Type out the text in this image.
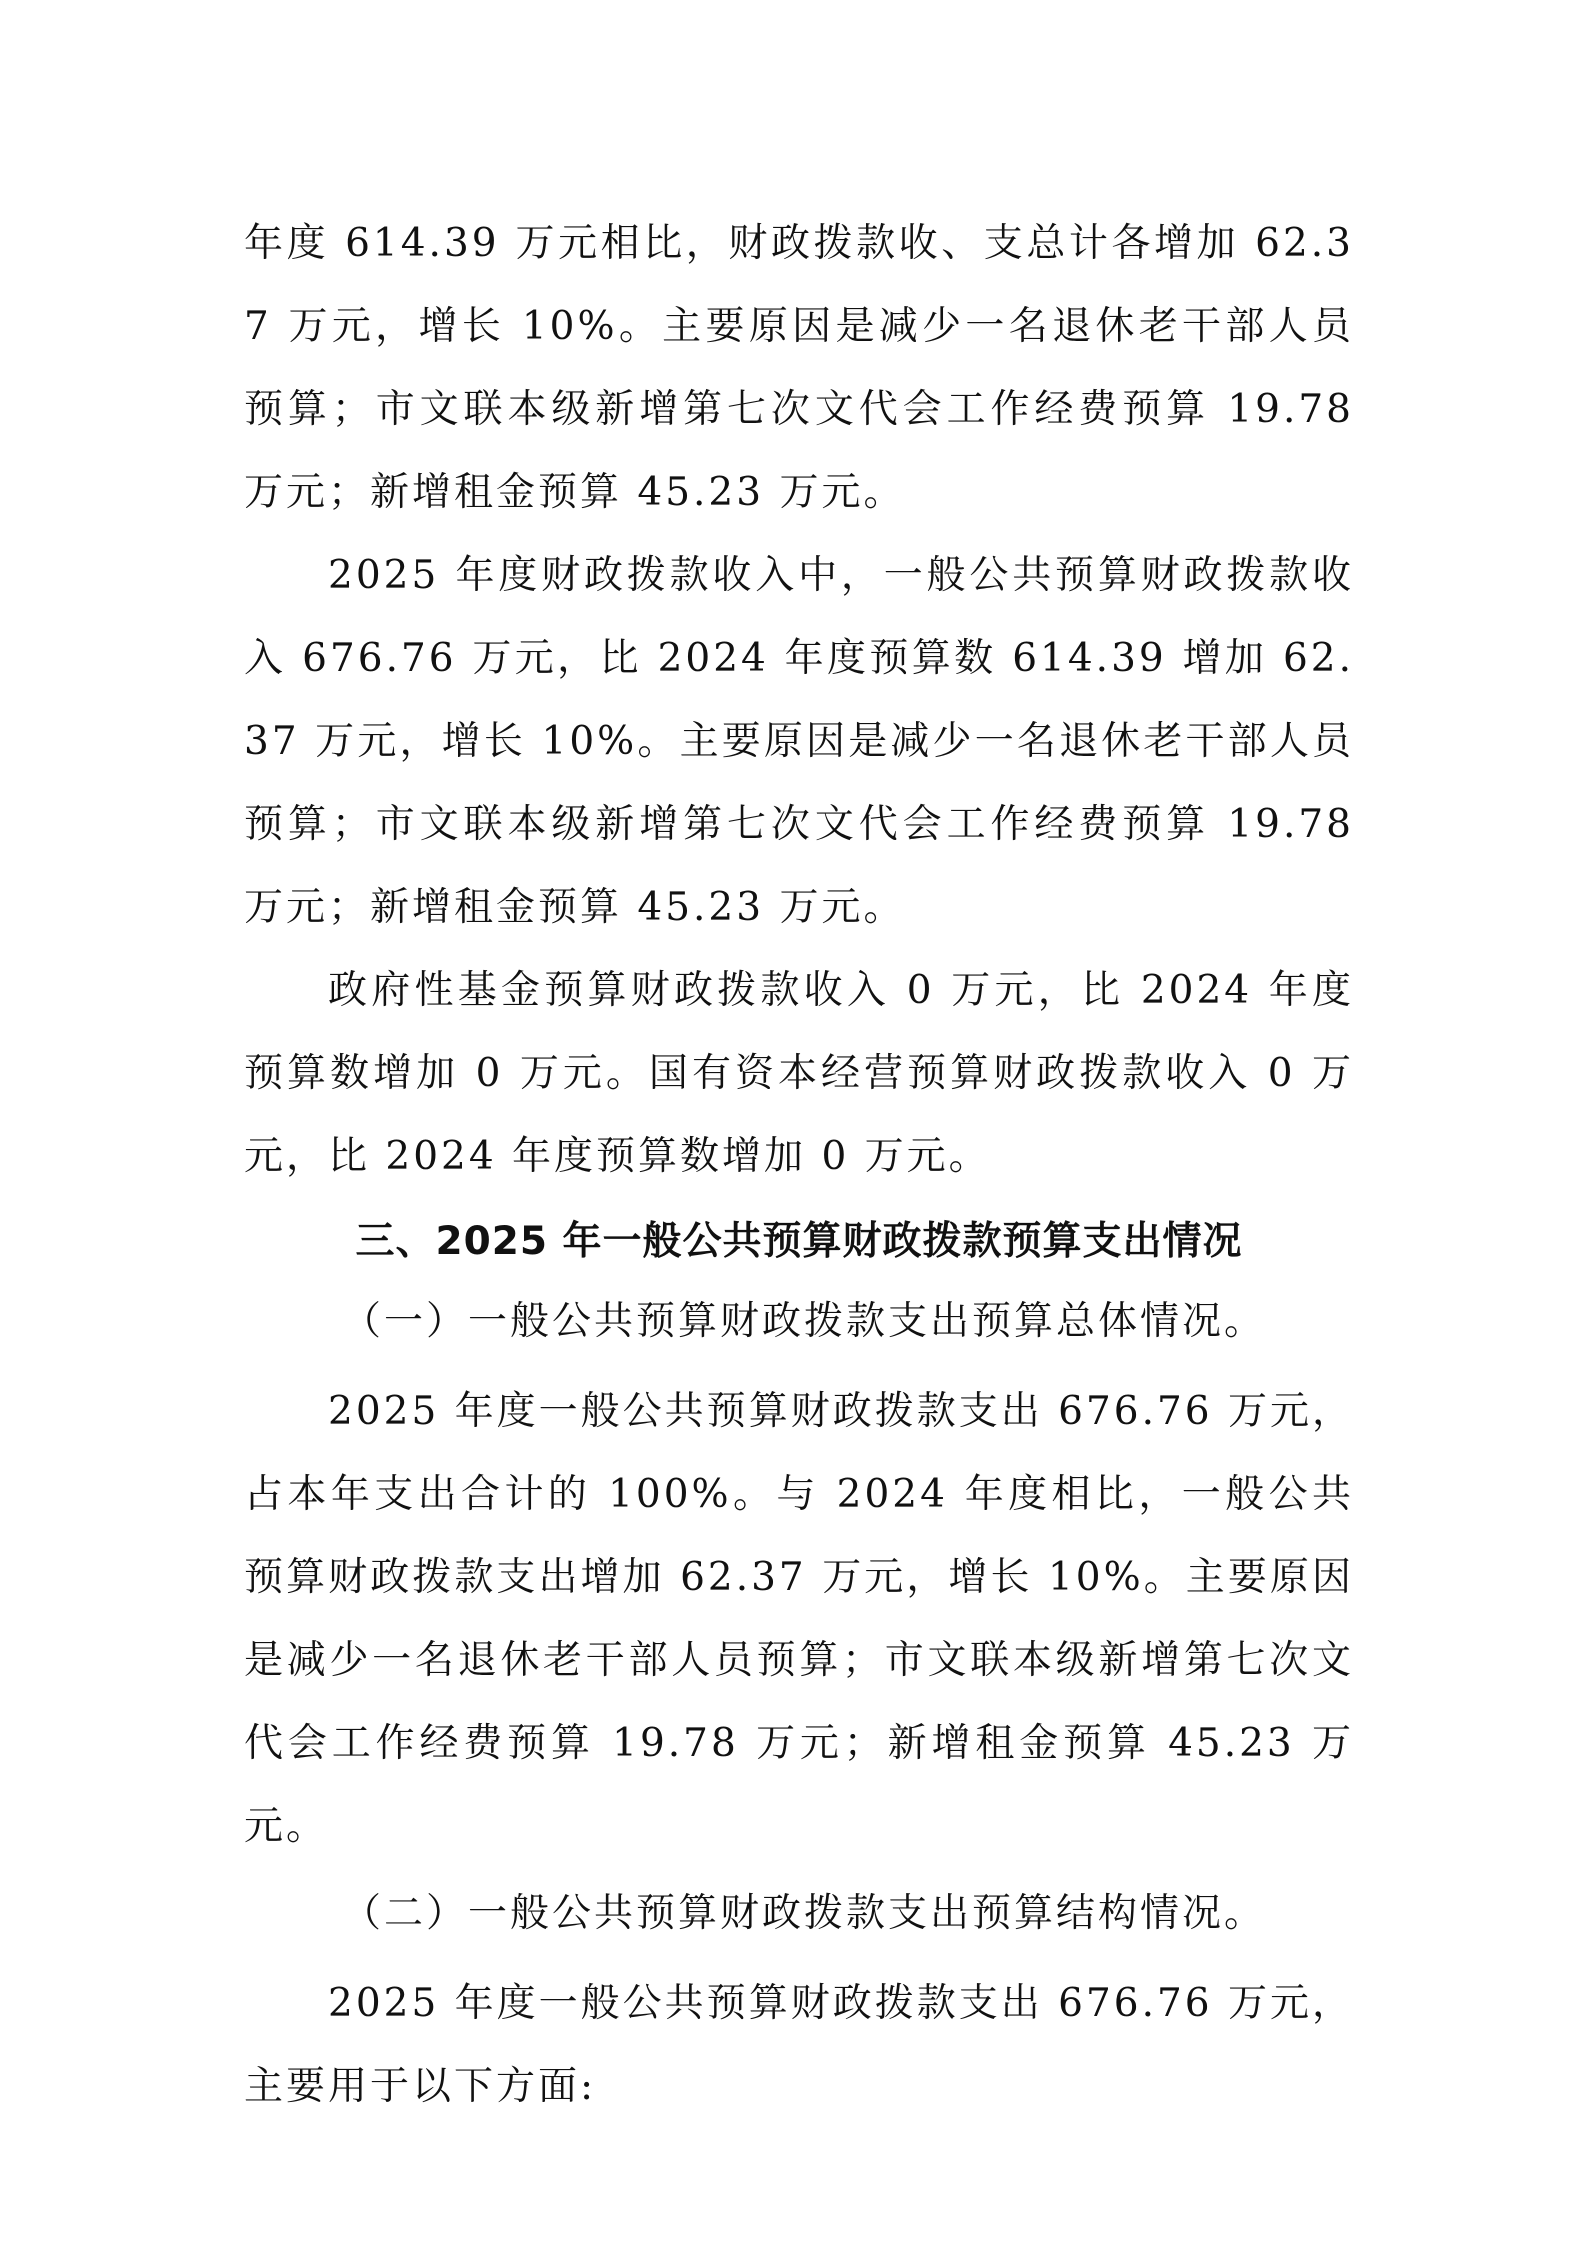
年度 614.39 万元相比，财政拨款收、支总计各增加 62.37 万元，增长 10%。主要原因是减少一名退休老干部人员预算；市文联本级新增第七次文代会工作经费预算 19.78 万元；新增租金预算 45.23 万元。

2025 年度财政拨款收入中，一般公共预算财政拨款收入 676.76 万元，比 2024 年度预算数 614.39 增加 62.37 万元，增长 10%。主要原因是减少一名退休老干部人员预算；市文联本级新增第七次文代会工作经费预算 19.78 万元；新增租金预算 45.23 万元。

政府性基金预算财政拨款收入 0 万元，比 2024 年度预算数增加 0 万元。国有资本经营预算财政拨款收入 0 万元，比 2024 年度预算数增加 0 万元。

三、2025 年一般公共预算财政拨款预算支出情况
（一）一般公共预算财政拨款支出预算总体情况。

2025 年度一般公共预算财政拨款支出 676.76 万元，占本年支出合计的 100%。与 2024 年度相比，一般公共预算财政拨款支出增加 62.37 万元，增长 10%。主要原因是减少一名退休老干部人员预算；市文联本级新增第七次文代会工作经费预算 19.78 万元；新增租金预算 45.23 万元。

（二）一般公共预算财政拨款支出预算结构情况。

2025 年度一般公共预算财政拨款支出 676.76 万元，主要用于以下方面:
